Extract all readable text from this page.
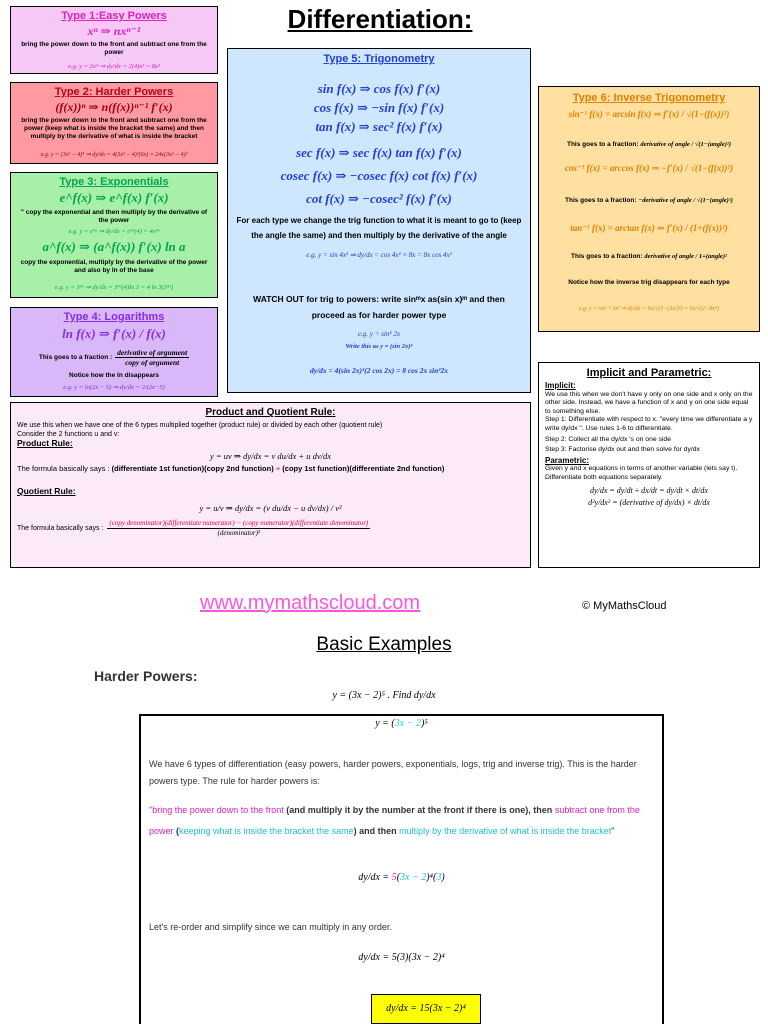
Differentiation:
Type 1:Easy Powers
xⁿ ⇒ nxⁿ⁻¹
bring the power down to the front and subtract one from the power
e.g. y = 2x⁴ ⇒ dy/dx = 2(4)x³ = 8x³
Type 2: Harder Powers
(f(x))ⁿ ⇒ n(f(x))ⁿ⁻¹ f′(x)
bring the power down to the front and subtract one from the power (keep what is inside the bracket the same) and then multiply by the derivative of what is inside the bracket
e.g. y = (3x² − 4)⁴ ⇒ dy/dx = 4(3x² − 4)³(6x) = 24x(3x² − 4)³
Type 3: Exponentials
e^f(x) ⇒ e^f(x) f′(x)
" copy the exponential and then multiply by the derivative of the power
e.g. y = e⁴ˣ ⇒ dy/dx = e⁴ˣ(4) = 4e⁴ˣ
a^f(x) ⇒ (a^f(x)) f′(x) ln a
copy the exponential, multiply by the derivative of the power and also by ln of the base
e.g. y = 3⁴ˣ ⇒ dy/dx = 3⁴ˣ(4)ln 3 = 4 ln 3(3⁴ˣ)
Type 4: Logarithms
ln f(x) ⇒ f′(x) / f(x)
This goes to a fraction :
derivative of argument
copy of argument
Notice how the ln disappears
e.g. y = ln(2x − 5) ⇒ dy/dx = 2/(2x−5)
Type 5: Trigonometry
sin f(x) ⇒ cos f(x) f′(x)
cos f(x) ⇒ −sin f(x) f′(x)
tan f(x) ⇒ sec² f(x) f′(x)
sec f(x) ⇒ sec f(x) tan f(x) f′(x)
cosec f(x) ⇒ −cosec f(x) cot f(x) f′(x)
cot f(x) ⇒ −cosec² f(x) f′(x)
For each type we change the trig function to what it is meant to go to (keep the angle the same) and then multiply by the derivative of the angle
e.g. y = sin 4x² ⇒ dy/dx = cos 4x² × 8x = 8x cos 4x²
WATCH OUT for trig to powers: write sinᵐx as(sin x)ᵐ and then proceed as for harder power type
e.g. y = sin⁴ 2x
Write this as y = (sin 2x)⁴
dy/dx = 4(sin 2x)³(2 cos 2x) = 8 cos 2x sin³2x
Type 6: Inverse Trigonometry
sin⁻¹ f(x) = arcsin f(x) ⇒ f′(x) / √(1−(f(x))²)
This goes to a fraction: derivative of angle / √(1−(angle)²)
cos⁻¹ f(x) = arccos f(x) ⇒ −f′(x) / √(1−(f(x))²)
This goes to a fraction: −derivative of angle / √(1−(angle)²)
tan⁻¹ f(x) = arctan f(x) ⇒ f′(x) / (1+(f(x))²)
This goes to a fraction: derivative of angle / 1+(angle)²
Notice how the inverse trig disappears for each type
e.g. y = sin⁻¹ 3x² ⇒ dy/dx = 6x/√(1−(3x²)²) = 6x/√(1−9x⁴)
Implicit and Parametric:
Implicit:
We use this when we don't have y only on one side and x only on the other side. Instead, we have a function of x and y on one side equal to something else.
Step 1: Differentiate with respect to x. "every time we differentiate a y write dy/dx ". Use rules 1-6 to differentiate.
Step 2: Collect all the dy/dx 's on one side
Step 3: Factorise dy/dx out and then solve for dy/dx
Parametric:
Given y and x equations in terms of another variable (lets say t). Differentiate both equations separately.
dy/dx = dy/dt ÷ dx/dt = dy/dt × dt/dx
d²y/dx² = (derivative of dy/dx) × dt/dx
Product and Quotient Rule:
We use this when we have one of the 6 types multiplied together (product rule) or divided by each other (quotient rule)
Consider the 2 functions u and v:
Product Rule:
y = uv ⇒ dy/dx = v du/dx + u dv/dx
The formula basically says : (differentiate 1st function)(copy 2nd function) + (copy 1st function)(differentiate 2nd function)
Quotient Rule:
y = u/v ⇒ dy/dx = (v du/dx − u dv/dx) / v²
The formula basically says :
(copy denominator)(differentiate numerator) − (copy numerator)(differentiate denominator)
(denominator)²
www.mymathscloud.com	© MyMathsCloud
Basic Examples
Harder Powers:
y = (3x − 2)⁵ . Find dy/dx
y = (3x − 2)⁵
We have 6 types of differentiation (easy powers, harder powers, exponentials, logs, trig and inverse trig). This is the harder powers type. The rule for harder powers is:
"bring the power down to the front (and multiply it by the number at the front if there is one), then subtract one from the power (keeping what is inside the bracket the same) and then multiply by the derivative of what is inside the bracket"
dy/dx = 5(3x − 2)⁴(3)
Let's re-order and simplify since we can multiply in any order.
dy/dx = 5(3)(3x − 2)⁴
dy/dx = 15(3x − 2)⁴
